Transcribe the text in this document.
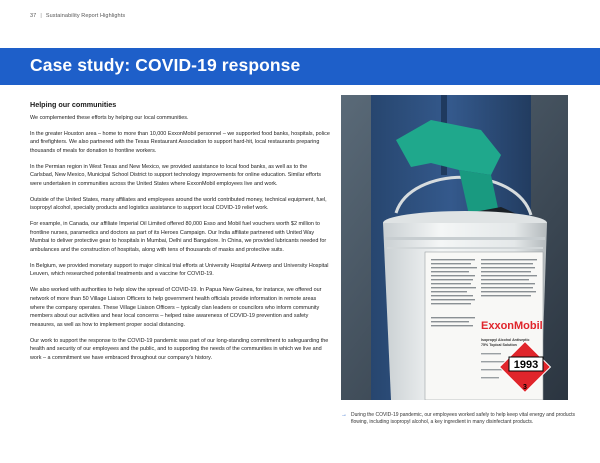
37 | Sustainability Report Highlights
Case study: COVID-19 response
Helping our communities

We complemented these efforts by helping our local communities.

In the greater Houston area – home to more than 10,000 ExxonMobil personnel – we supported food banks, hospitals, police and firefighters. We also partnered with the Texas Restaurant Association to support hard-hit, local restaurants preparing thousands of meals for donation to frontline workers.

In the Permian region in West Texas and New Mexico, we provided assistance to local food banks, as well as to the Carlsbad, New Mexico, Municipal School District to support technology improvements for online education. Similar efforts were undertaken in communities across the United States where ExxonMobil employees live and work.

Outside of the United States, many affiliates and employees around the world contributed money, technical equipment, fuel, isopropyl alcohol, specialty products and logistics assistance to support local COVID-19 relief work.

For example, in Canada, our affiliate Imperial Oil Limited offered 80,000 Esso and Mobil fuel vouchers worth $2 million to frontline nurses, paramedics and doctors as part of its Heroes Campaign. Our India affiliate partnered with United Way Mumbai to deliver protective gear to hospitals in Mumbai, Delhi and Bangalore. In China, we provided lubricants needed for ambulances and the construction of hospitals, along with tens of thousands of masks and protective suits.

In Belgium, we provided monetary support to major clinical trial efforts at University Hospital Antwerp and University Hospital Leuven, which researched potential treatments and a vaccine for COVID-19.

We also worked with authorities to help slow the spread of COVID-19. In Papua New Guinea, for instance, we offered our network of more than 50 Village Liaison Officers to help government health officials provide information in remote areas where the company operates. These Village Liaison Officers – typically clan leaders or councilors who inform community members about our activities and hear local concerns – helped raise awareness of COVID-19 prevention and safety measures, as well as how to implement proper social distancing.

Our work to support the response to the COVID-19 pandemic was part of our long-standing commitment to safeguarding the health and security of our employees and the public, and to supporting the needs of the communities in which we live and work – a commitment we have embraced throughout our company's history.

ExxonMobil
Isopropyl Alcohol Antiseptic
75% Topical Solution
1993
3
→ During the COVID-19 pandemic, our employees worked safely to help keep vital energy and products flowing, including isopropyl alcohol, a key ingredient in many disinfectant products.
